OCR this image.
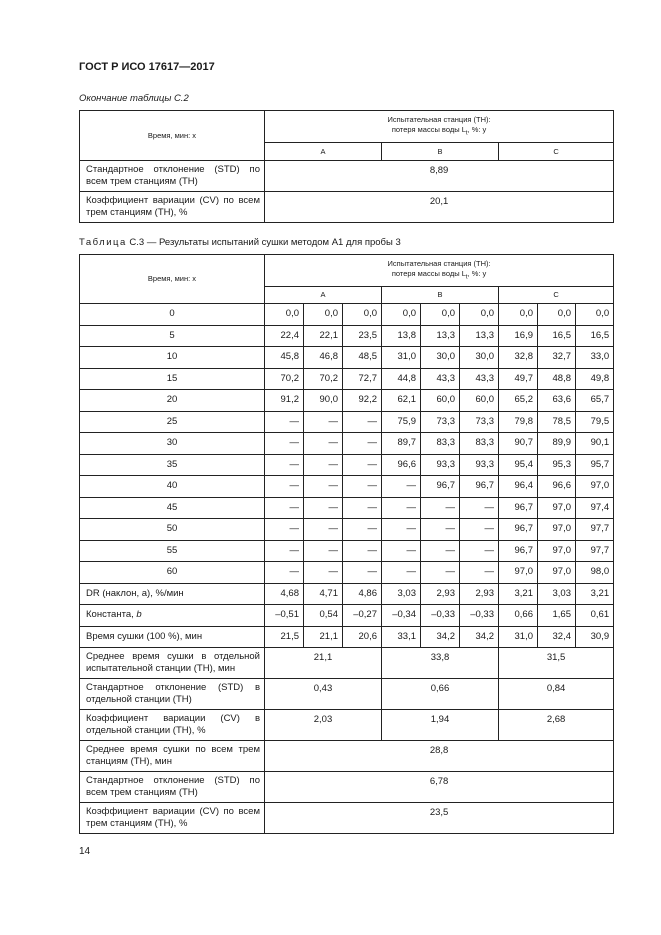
ГОСТ Р ИСО 17617—2017
Окончание таблицы С.2
Время, мин: x	Испытательная станция (ТН):
потеря массы воды $L_t$, %: y		
	A	B	C
Стандартное отклонение (STD) по всем трем станциям (ТН)	8,89		
Коэффициент вариации (CV) по всем трем станциям (ТН), %	20,1		
Таблица С.3 — Результаты испытаний сушки методом А1 для пробы 3
Время, мин: x	Испытательная станция (ТН):
потеря массы воды $L_t$, %: y								
	A			B			C		
0	0,0	0,0	0,0	0,0	0,0	0,0	0,0	0,0	0,0
5	22,4	22,1	23,5	13,8	13,3	13,3	16,9	16,5	16,5
10	45,8	46,8	48,5	31,0	30,0	30,0	32,8	32,7	33,0
15	70,2	70,2	72,7	44,8	43,3	43,3	49,7	48,8	49,8
20	91,2	90,0	92,2	62,1	60,0	60,0	65,2	63,6	65,7
25	—	—	—	75,9	73,3	73,3	79,8	78,5	79,5
30	—	—	—	89,7	83,3	83,3	90,7	89,9	90,1
35	—	—	—	96,6	93,3	93,3	95,4	95,3	95,7
40	—	—	—	—	96,7	96,7	96,4	96,6	97,0
45	—	—	—	—	—	—	96,7	97,0	97,4
50	—	—	—	—	—	—	96,7	97,0	97,7
55	—	—	—	—	—	—	96,7	97,0	97,7
60	—	—	—	—	—	—	97,0	97,0	98,0
DR (наклон, a), %/мин	4,68	4,71	4,86	3,03	2,93	2,93	3,21	3,03	3,21
Константа, b	–0,51	0,54	–0,27	–0,34	–0,33	–0,33	0,66	1,65	0,61
Время сушки (100 %), мин	21,5	21,1	20,6	33,1	34,2	34,2	31,0	32,4	30,9
Среднее время сушки в отдельной испытательной станции (ТН), мин	21,1			33,8			31,5		
Стандартное отклонение (STD) в отдельной станции (ТН)	0,43			0,66			0,84		
Коэффициент вариации (CV) в отдельной станции (ТН), %	2,03			1,94			2,68		
Среднее время сушки по всем трем станциям (ТН), мин	28,8								
Стандартное отклонение (STD) по всем трем станциям (ТН)	6,78								
Коэффициент вариации (CV) по всем трем станциям (ТН), %	23,5								
14
